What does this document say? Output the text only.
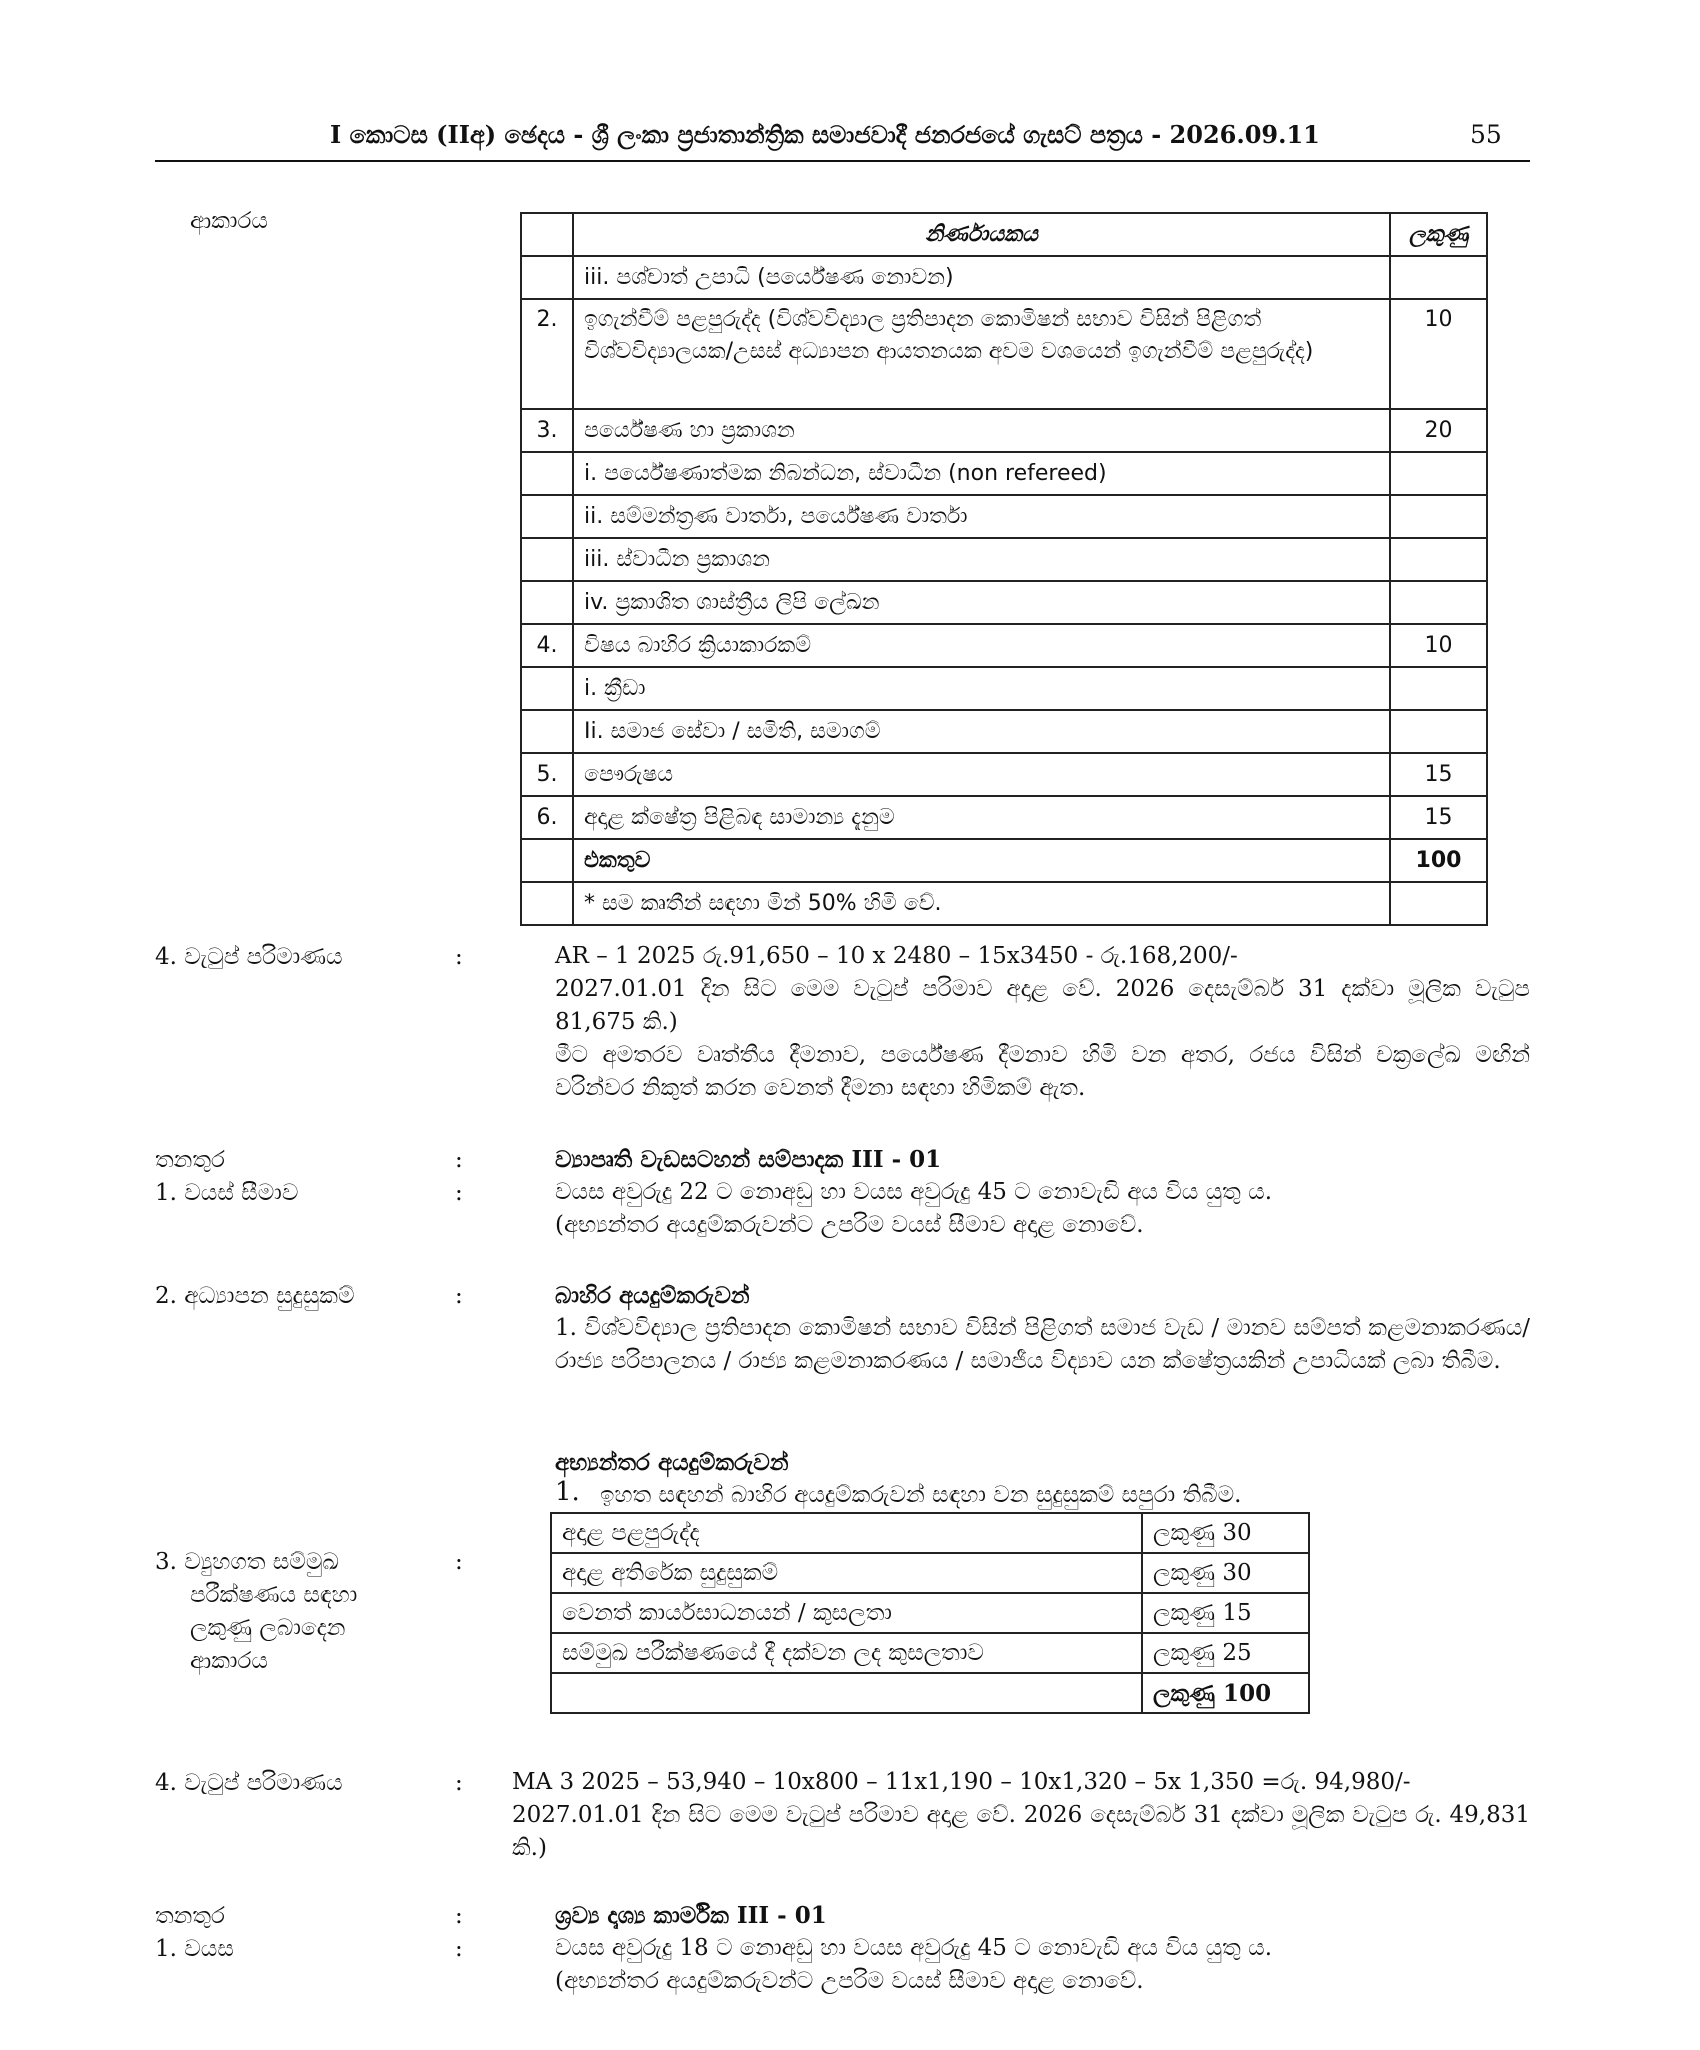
I කොටස (IIඅ) ඡෙදය - ශ්‍රී ලංකා ප්‍රජාතාන්ත්‍රික සමාජවාදී ජනරජයේ ගැසට් පත්‍රය - 2026.09.11	55
ආකාරය
	නිර්ණායකය	ලකුණු
	iii. පශ්චාත් උපාධි (පර්යේෂණ නොවන)	
2.	ඉගැන්වීම් පළපුරුද්ද (විශ්වවිද්‍යාල ප්‍රතිපාදන කොමිෂන් සභාව විසින් පිළිගත් විශ්වවිද්‍යාලයක/උසස් අධ්‍යාපන ආයතනයක අවම වශයෙන් ඉගැන්වීම් පළපුරුද්ද)	10
3.	පර්යේෂණ හා ප්‍රකාශන	20
	i. පර්යේෂණාත්මක නිබන්ධන, ස්වාධීන (non refereed)	
	ii. සම්මන්ත්‍රණ වාර්තා, පර්යේෂණ වාර්තා	
	iii. ස්වාධීන ප්‍රකාශන	
	iv. ප්‍රකාශිත ශාස්ත්‍රීය ලිපි ලේඛන	
4.	විෂය බාහිර ක්‍රියාකාරකම්	10
	i. ක්‍රීඩා	
	Ii. සමාජ සේවා / සමිති, සමාගම්	
5.	පෞරුෂය	15
6.	අදාළ ක්ෂේත්‍ර පිළිබඳ සාමාන්‍ය දැනුම	15
	එකතුව	100
	* සම කෘතීන් සඳහා මින් 50% හිමි වේ.	
4. වැටුප් පරිමාණය	:	AR – 1 2025 රු.91,650 – 10 x 2480 – 15x3450 - රු.168,200/-
2027.01.01 දින සිට මෙම වැටුප් පරිමාව අදාළ වේ. 2026 දෙසැම්බර් 31 දක්වා මූලික වැටුප 81,675 කි.)
මීට අමතරව වෘත්තීය දීමනාව, පර්යේෂණ දීමනාව හිමි වන අතර, රජය විසින් චක්‍රලේඛ මඟින් වරින්වර නිකුත් කරන වෙනත් දීමනා සඳහා හිමිකම් ඇත.
තනතුර	:	ව්‍යාපෘති වැඩසටහන් සම්පාදක III - 01
1. වයස් සීමාව	:	වයස අවුරුදු 22 ට නොඅඩු හා වයස අවුරුදු 45 ට නොවැඩි අය විය යුතු ය.
(අභ්‍යන්තර අයදුම්කරුවන්ට උපරිම වයස් සීමාව අදාළ නොවේ.
2. අධ්‍යාපන සුදුසුකම්	:	බාහිර අයදුම්කරුවන්
1. විශ්වවිද්‍යාල ප්‍රතිපාදන කොමිෂන් සභාව විසින් පිළිගත් සමාජ වැඩ / මානව සම්පත් කළමනාකරණය/ රාජ්‍ය පරිපාලනය / රාජ්‍ය කළමනාකරණය / සමාජීය විද්‍යාව යන ක්ෂේත්‍රයකින් උපාධියක් ලබා තිබීම.
අභ්‍යන්තර අයදුම්කරුවන්
1. ඉහත සඳහන් බාහිර අයදුම්කරුවන් සඳහා වන සුදුසුකම් සපුරා තිබීම.
3. ව්‍යුහගත සම්මුඛ
පරීක්ෂණය සඳහා
ලකුණු ලබාදෙන
ආකාරය
:
අදාළ පළපුරුද්ද	ලකුණු 30
අදාළ අතිරේක සුදුසුකම්	ලකුණු 30
වෙනත් කාර්යසාධනයන් / කුසලතා	ලකුණු 15
සම්මුඛ පරීක්ෂණයේ දී දක්වන ලද කුසලතාව	ලකුණු 25
	ලකුණු 100
4. වැටුප් පරිමාණය	: MA 3 2025 – 53,940 – 10x800 – 11x1,190 – 10x1,320 – 5x 1,350 =රු. 94,980/-
2027.01.01 දින සිට මෙම වැටුප් පරිමාව අදාළ වේ. 2026 දෙසැම්බර් 31 දක්වා මූලික වැටුප රු. 49,831 කි.)
තනතුර	:	ශ්‍රව්‍ය දෘශ්‍ය කාර්මික III - 01
1. වයස	:	වයස අවුරුදු 18 ට නොඅඩු හා වයස අවුරුදු 45 ට නොවැඩි අය විය යුතු ය.
(අභ්‍යන්තර අයදුම්කරුවන්ට උපරිම වයස් සීමාව අදාළ නොවේ.
